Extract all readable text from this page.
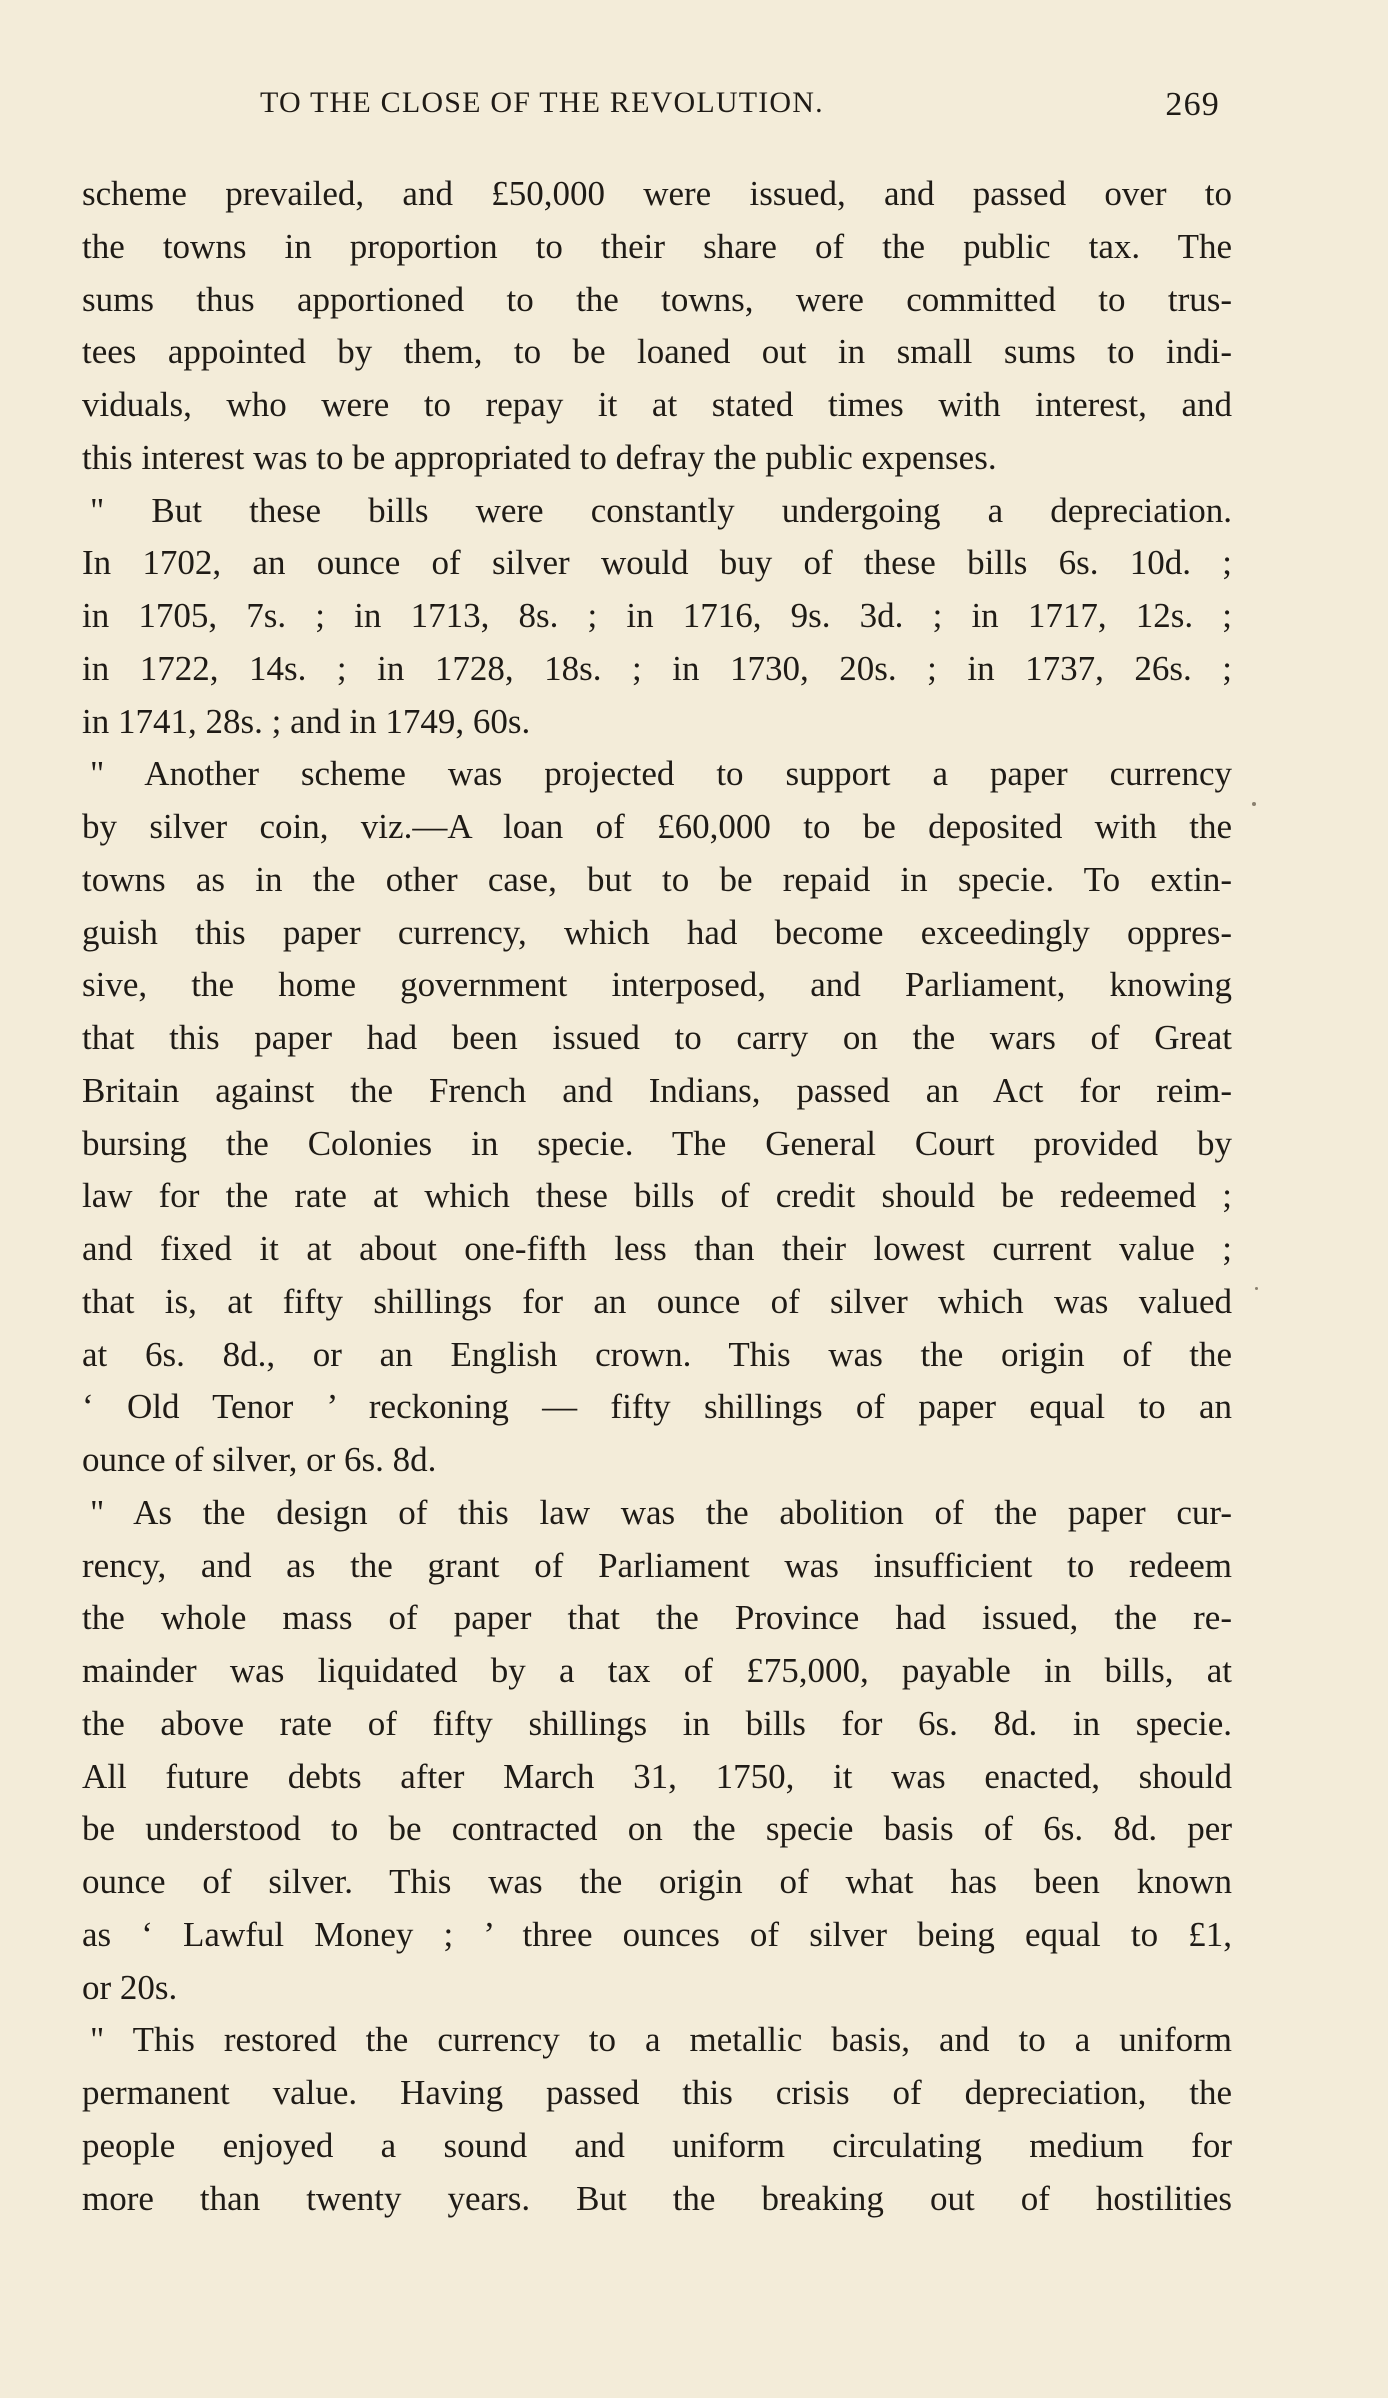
TO THE CLOSE OF THE REVOLUTION.	269
scheme prevailed, and £50,000 were issued, and passed over to
the towns in proportion to their share of the public tax. The
sums thus apportioned to the towns, were committed to trus-
tees appointed by them, to be loaned out in small sums to indi-
viduals, who were to repay it at stated times with interest, and
this interest was to be appropriated to defray the public expenses.
" But these bills were constantly undergoing a depreciation.
In 1702, an ounce of silver would buy of these bills 6s. 10d. ;
in 1705, 7s. ; in 1713, 8s. ; in 1716, 9s. 3d. ; in 1717, 12s. ;
in 1722, 14s. ; in 1728, 18s. ; in 1730, 20s. ; in 1737, 26s. ;
in 1741, 28s. ; and in 1749, 60s.
" Another scheme was projected to support a paper currency
by silver coin, viz.—A loan of £60,000 to be deposited with the
towns as in the other case, but to be repaid in specie. To extin-
guish this paper currency, which had become exceedingly oppres-
sive, the home government interposed, and Parliament, knowing
that this paper had been issued to carry on the wars of Great
Britain against the French and Indians, passed an Act for reim-
bursing the Colonies in specie. The General Court provided by
law for the rate at which these bills of credit should be redeemed ;
and fixed it at about one-fifth less than their lowest current value ;
that is, at fifty shillings for an ounce of silver which was valued
at 6s. 8d., or an English crown. This was the origin of the
‘ Old Tenor ’ reckoning — fifty shillings of paper equal to an
ounce of silver, or 6s. 8d.
" As the design of this law was the abolition of the paper cur-
rency, and as the grant of Parliament was insufficient to redeem
the whole mass of paper that the Province had issued, the re-
mainder was liquidated by a tax of £75,000, payable in bills, at
the above rate of fifty shillings in bills for 6s. 8d. in specie.
All future debts after March 31, 1750, it was enacted, should
be understood to be contracted on the specie basis of 6s. 8d. per
ounce of silver. This was the origin of what has been known
as ‘ Lawful Money ; ’ three ounces of silver being equal to £1,
or 20s.
" This restored the currency to a metallic basis, and to a uniform
permanent value. Having passed this crisis of depreciation, the
people enjoyed a sound and uniform circulating medium for
more than twenty years. But the breaking out of hostilities
